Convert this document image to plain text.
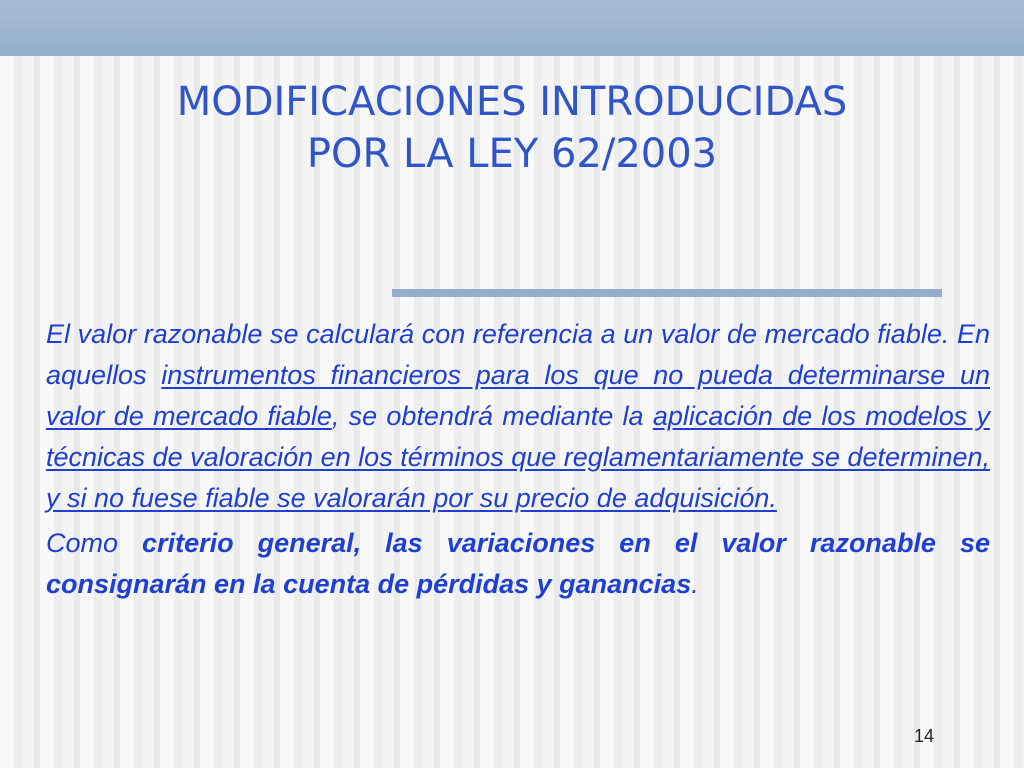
MODIFICACIONES INTRODUCIDAS
POR LA LEY 62/2003

El valor razonable se calculará con referencia a un valor de mercado fiable. En aquellos instrumentos financieros para los que no pueda determinarse un valor de mercado fiable, se obtendrá mediante la aplicación de los modelos y técnicas de valoración en los términos que reglamentariamente se determinen, y si no fuese fiable se valorarán por su precio de adquisición.

Como criterio general, las variaciones en el valor razonable se consignarán en la cuenta de pérdidas y ganancias.

14
